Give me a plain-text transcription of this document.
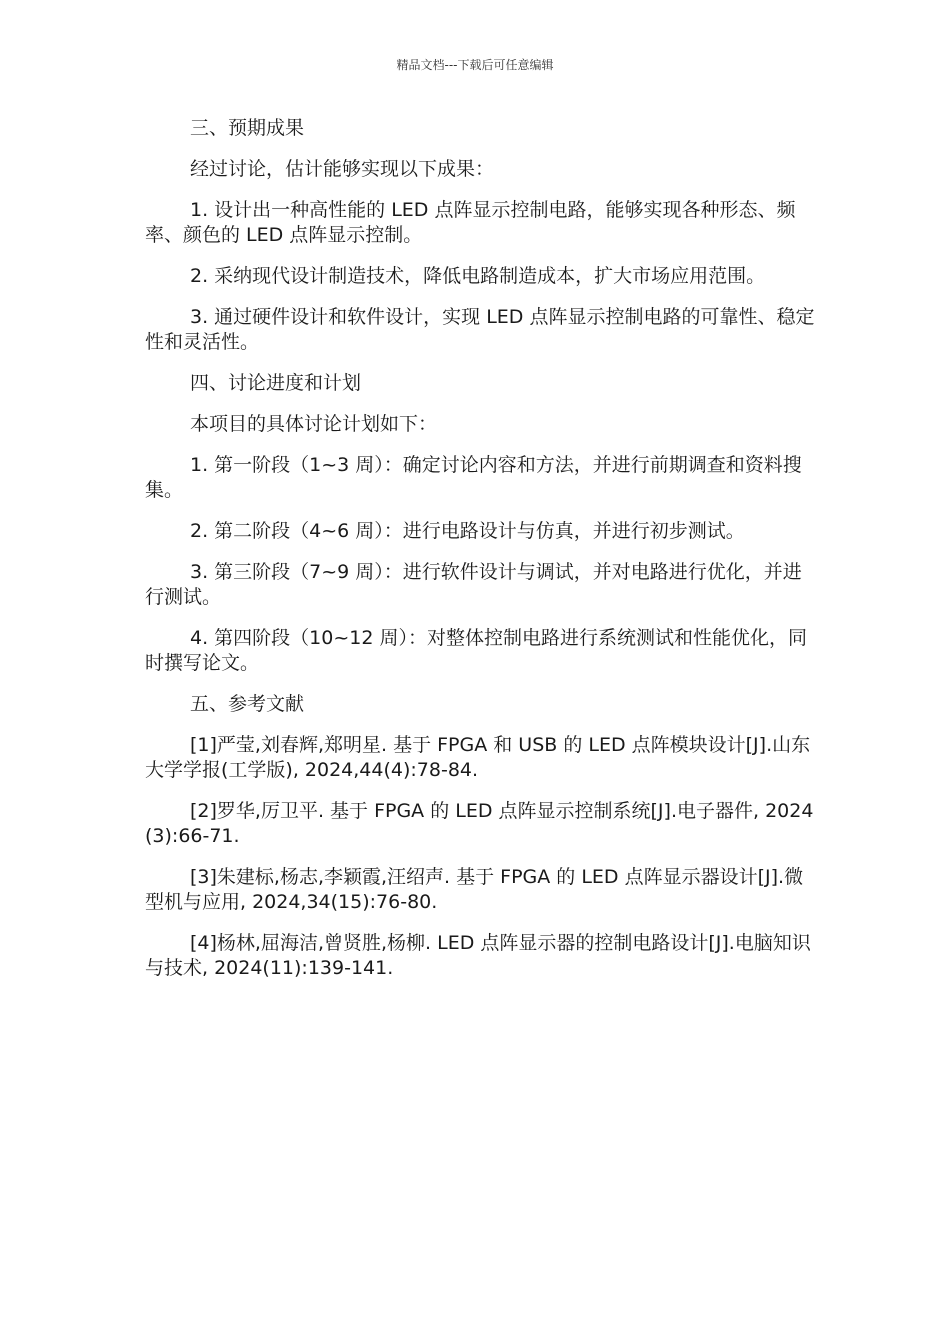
精品文档---下载后可任意编辑

三、预期成果

经过讨论，估计能够实现以下成果：

1. 设计出一种高性能的 LED 点阵显示控制电路，能够实现各种形态、频率、颜色的 LED 点阵显示控制。

2. 采纳现代设计制造技术，降低电路制造成本，扩大市场应用范围。

3. 通过硬件设计和软件设计，实现 LED 点阵显示控制电路的可靠性、稳定性和灵活性。

四、讨论进度和计划

本项目的具体讨论计划如下：

1. 第一阶段（1~3 周）：确定讨论内容和方法，并进行前期调查和资料搜集。

2. 第二阶段（4~6 周）：进行电路设计与仿真，并进行初步测试。

3. 第三阶段（7~9 周）：进行软件设计与调试，并对电路进行优化，并进行测试。

4. 第四阶段（10~12 周）：对整体控制电路进行系统测试和性能优化，同时撰写论文。

五、参考文献

[1]严莹,刘春辉,郑明星. 基于 FPGA 和 USB 的 LED 点阵模块设计[J].山东大学学报(工学版), 2024,44(4):78-84.

[2]罗华,厉卫平. 基于 FPGA 的 LED 点阵显示控制系统[J].电子器件, 2024(3):66-71.

[3]朱建标,杨志,李颖霞,汪绍声. 基于 FPGA 的 LED 点阵显示器设计[J].微型机与应用, 2024,34(15):76-80.

[4]杨林,屈海洁,曾贤胜,杨柳. LED 点阵显示器的控制电路设计[J].电脑知识与技术, 2024(11):139-141.
